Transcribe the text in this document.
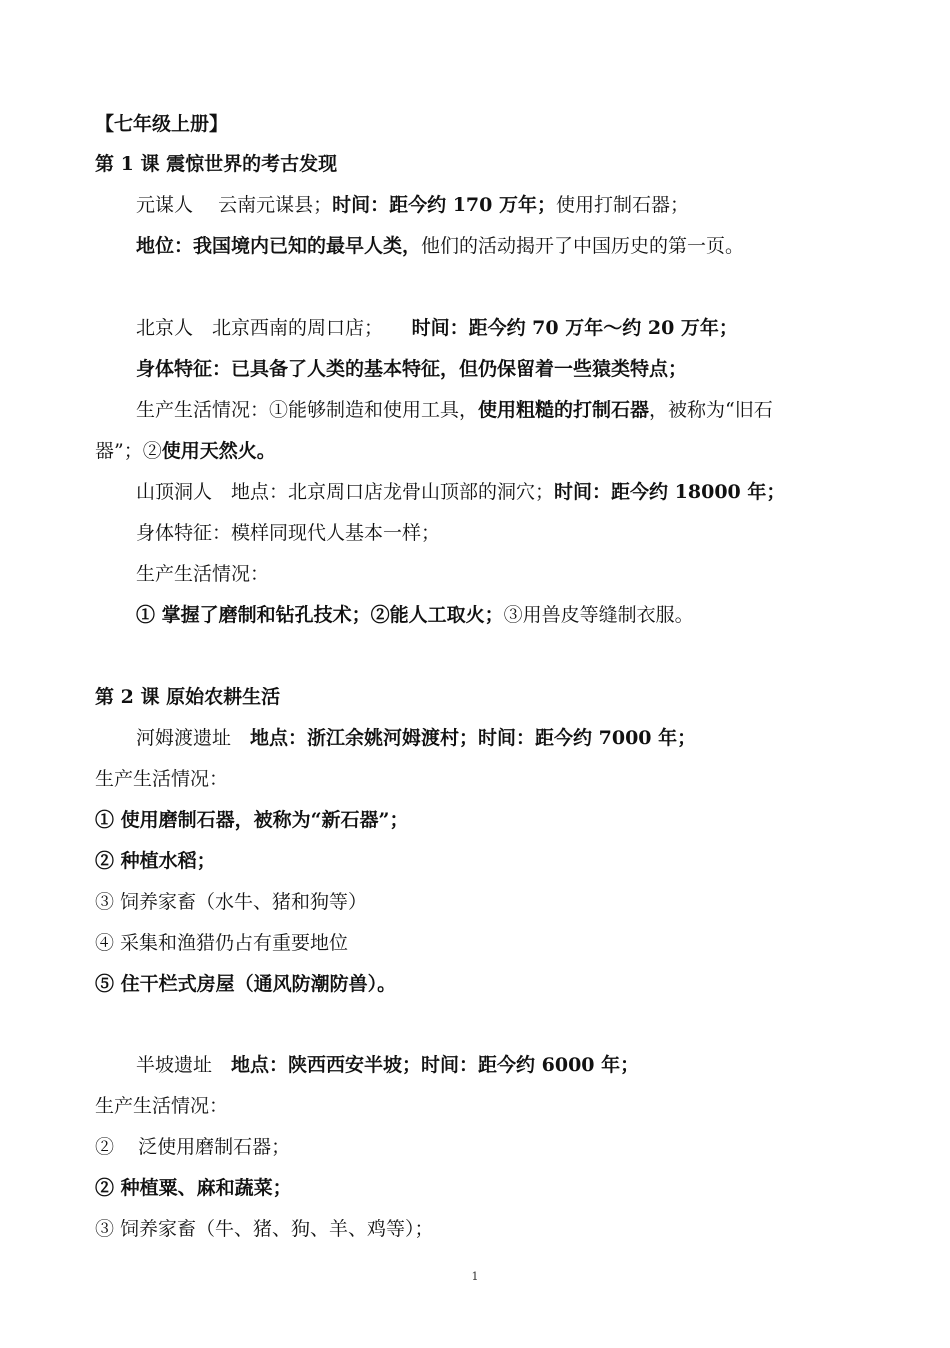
【七年级上册】
第 1 课 震惊世界的考古发现
元谋人　 云南元谋县；时间：距今约 170 万年；使用打制石器；
地位：我国境内已知的最早人类，他们的活动揭开了中国历史的第一页。
北京人　 北京西南的周口店；　  时间：距今约 70 万年～约 20 万年；
身体特征：已具备了人类的基本特征，但仍保留着一些猿类特点；
生产生活情况：①能够制造和使用工具，使用粗糙的打制石器，被称为“旧石
器”；②使用天然火。
山顶洞人　 地点：北京周口店龙骨山顶部的洞穴；时间：距今约 18000 年；
身体特征：模样同现代人基本一样；
生产生活情况：
① 掌握了磨制和钻孔技术；②能人工取火；③用兽皮等缝制衣服。
第 2 课 原始农耕生活
河姆渡遗址  地点：浙江余姚河姆渡村；时间：距今约 7000 年；
生产生活情况：
① 使用磨制石器，被称为“新石器”；
② 种植水稻；
③ 饲养家畜（水牛、猪和狗等）
④ 采集和渔猎仍占有重要地位
⑤ 住干栏式房屋（通风防潮防兽）。
半坡遗址  地点：陕西西安半坡；时间：距今约 6000 年；
生产生活情况：
②    泛使用磨制石器；
② 种植粟、麻和蔬菜；
③ 饲养家畜（牛、猪、狗、羊、鸡等）；
1
